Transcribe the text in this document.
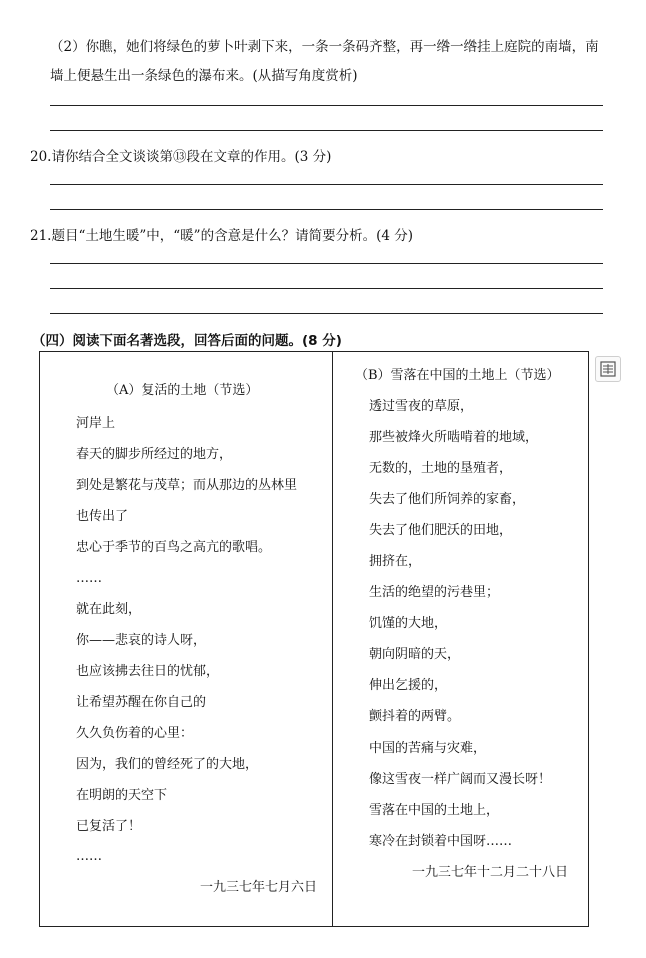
（2）你瞧，她们将绿色的萝卜叶剥下来，一条一条码齐整，再一绺一绺挂上庭院的南墙，南
墙上便悬生出一条绿色的瀑布来。(从描写角度赏析)
20.请你结合全文谈谈第⑬段在文章的作用。(3 分)
21.题目“土地生暖”中，“暖”的含意是什么？请简要分析。(4 分)
（四）阅读下面名著选段，回答后面的问题。(8 分)
（A）复活的土地（节选）
河岸上
春天的脚步所经过的地方，
到处是繁花与茂草；而从那边的丛林里
也传出了
忠心于季节的百鸟之高亢的歌唱。
……
就在此刻，
你——悲哀的诗人呀，
也应该拂去往日的忧郁，
让希望苏醒在你自己的
久久负伤着的心里：
因为，我们的曾经死了的大地，
在明朗的天空下
已复活了！
……
一九三七年七月六日
（B）雪落在中国的土地上（节选）
透过雪夜的草原，
那些被烽火所啮啃着的地域，
无数的，土地的垦殖者，
失去了他们所饲养的家畜，
失去了他们肥沃的田地，
拥挤在，
生活的绝望的污巷里；
饥馑的大地，
朝向阴暗的天，
伸出乞援的，
颤抖着的两臂。
中国的苦痛与灾难，
像这雪夜一样广阔而又漫长呀！
雪落在中国的土地上，
寒冷在封锁着中国呀……
一九三七年十二月二十八日
